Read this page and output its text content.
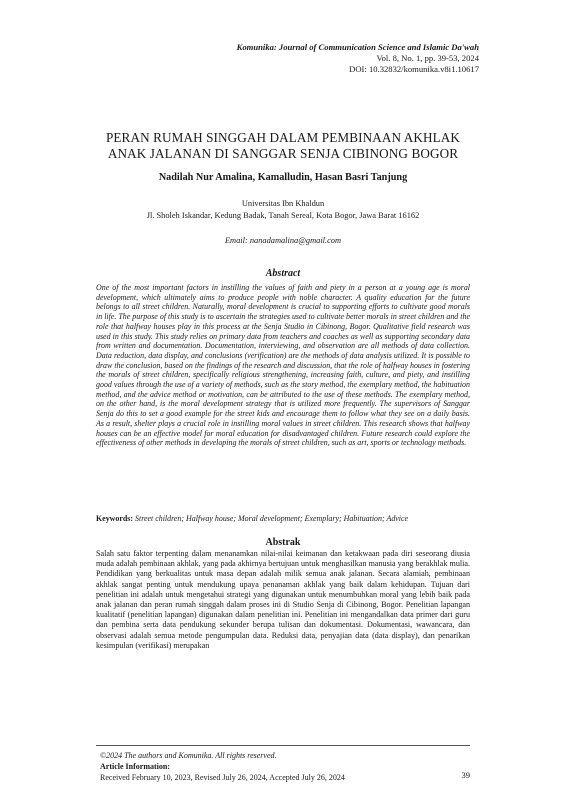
Komunika: Journal of Communication Science and Islamic Da'wah
Vol. 8, No. 1, pp. 39-53, 2024
DOI: 10.32832/komunika.v8i1.10617
PERAN RUMAH SINGGAH DALAM PEMBINAAN AKHLAK
ANAK JALANAN DI SANGGAR SENJA CIBINONG BOGOR
Nadilah Nur Amalina, Kamalludin, Hasan Basri Tanjung
Universitas Ibn Khaldun
Jl. Sholeh Iskandar, Kedung Badak, Tanah Sereal, Kota Bogor, Jawa Barat 16162
Email: nanadamalina@gmail.com
Abstract
One of the most important factors in instilling the values of faith and piety in a person at a young age is moral development, which ultimately aims to produce people with noble character. A quality education for the future belongs to all street children. Naturally, moral development is crucial to supporting efforts to cultivate good morals in life. The purpose of this study is to ascertain the strategies used to cultivate better morals in street children and the role that halfway houses play in this process at the Senja Studio in Cibinong, Bogor. Qualitative field research was used in this study. This study relies on primary data from teachers and coaches as well as supporting secondary data from written and documentation. Documentation, interviewing, and observation are all methods of data collection. Data reduction, data display, and conclusions (verification) are the methods of data analysis utilized. It is possible to draw the conclusion, based on the findings of the research and discussion, that the role of halfway houses in fostering the morals of street children, specifically religious strengthening, increasing faith, culture, and piety, and instilling good values through the use of a variety of methods, such as the story method, the exemplary method, the habituation method, and the advice method or motivation, can be attributed to the use of these methods. The exemplary method, on the other hand, is the moral development strategy that is utilized more frequently. The supervisors of Sanggar Senja do this to set a good example for the street kids and encourage them to follow what they see on a daily basis. As a result, shelter plays a crucial role in instilling moral values in street children. This research shows that halfway houses can be an effective model for moral education for disadvantaged children. Future research could explore the effectiveness of other methods in developing the morals of street children, such as art, sports or technology methods.
Keywords: Street children; Halfway house; Moral development; Exemplary; Habituation; Advice
Abstrak
Salah satu faktor terpenting dalam menanamkan nilai-nilai keimanan dan ketakwaan pada diri seseorang diusia muda adalah pembinaan akhlak, yang pada akhirnya bertujuan untuk menghasilkan manusia yang berakhlak mulia. Pendidikan yang berkualitas untuk masa depan adalah milik semua anak jalanan. Secara alamiah, pembinaan akhlak sangat penting untuk mendukung upaya penanaman akhlak yang baik dalam kehidupan. Tujuan dari penelitian ini adalah untuk mengetahui strategi yang digunakan untuk menumbuhkan moral yang lebih baik pada anak jalanan dan peran rumah singgah dalam proses ini di Studio Senja di Cibinong, Bogor. Penelitian lapangan kualitatif (penelitian lapangan) digunakan dalam penelitian ini. Penelitian ini mengandalkan data primer dari guru dan pembina serta data pendukung sekunder berupa tulisan dan dokumentasi. Dokumentasi, wawancara, dan observasi adalah semua metode pengumpulan data. Reduksi data, penyajian data (data display), dan penarikan kesimpulan (verifikasi) merupakan
©2024 The authors and Komunika. All rights reserved.
Article Information:
Received February 10, 2023, Revised July 26, 2024, Accepted July 26, 2024	39
